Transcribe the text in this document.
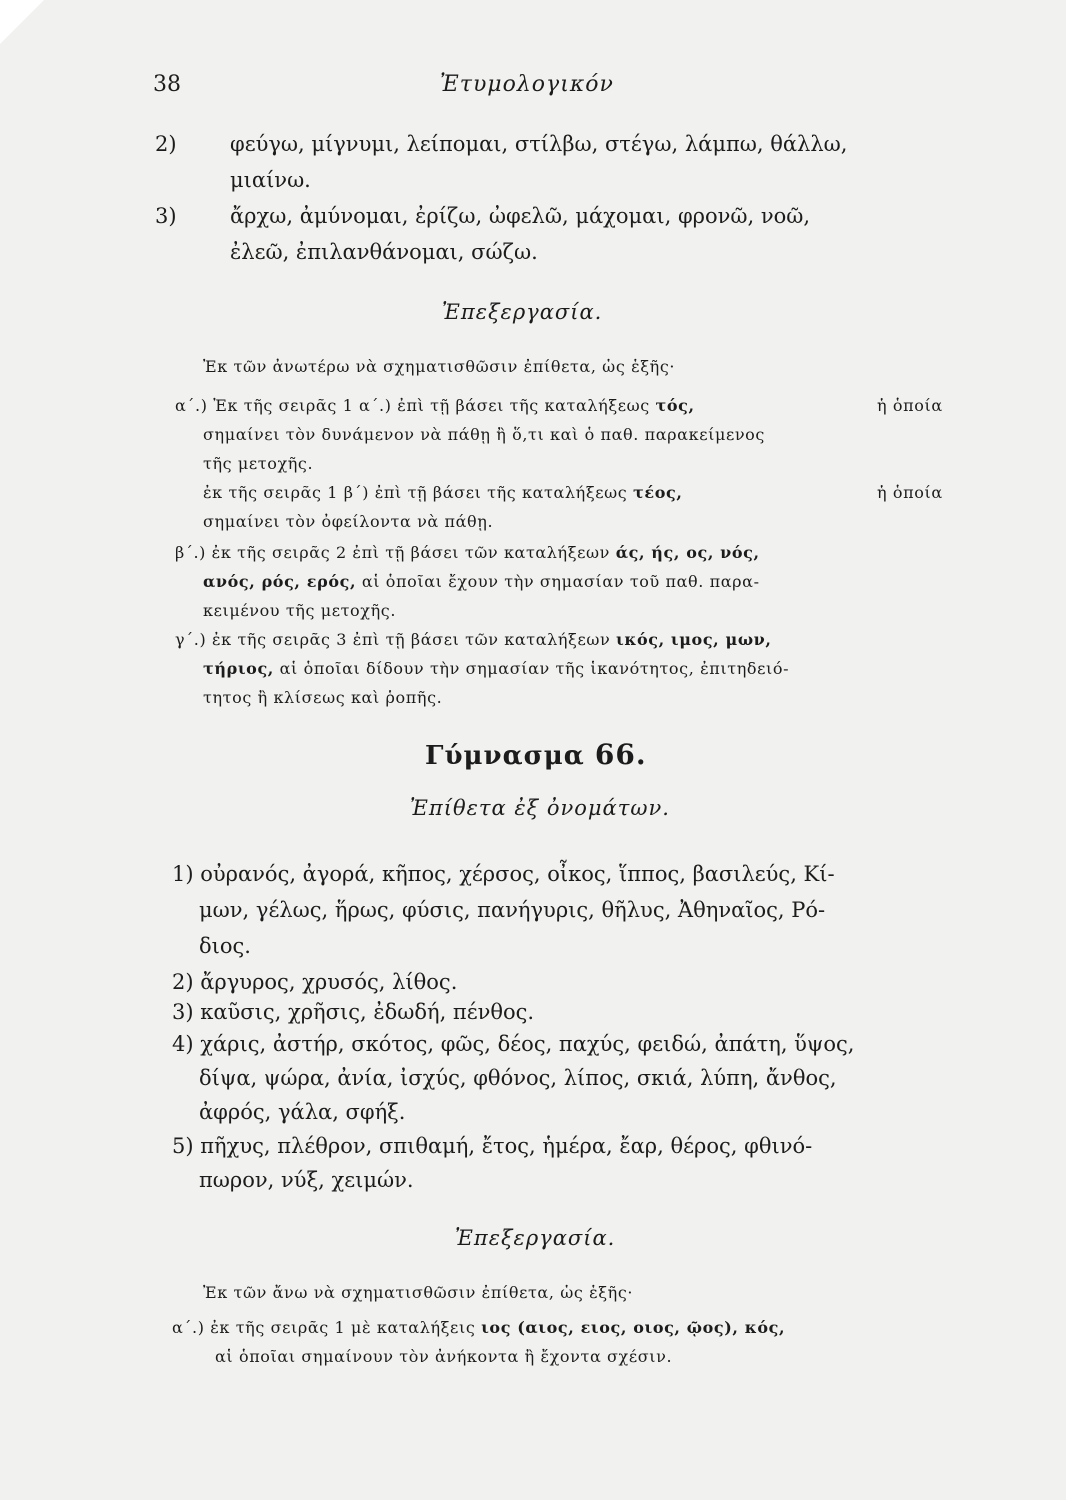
38	Ἐτυμολογικόν
2)	φεύγω, μίγνυμι, λείπομαι, στίλβω, στέγω, λάμπω, θάλλω,
μιαίνω.
3)	ἄρχω, ἀμύνομαι, ἐρίζω, ὠφελῶ, μάχομαι, φρονῶ, νοῶ,
ἐλεῶ, ἐπιλανθάνομαι, σώζω.
Ἐπεξεργασία.
Ἐκ τῶν ἀνωτέρω νὰ σχηματισθῶσιν ἐπίθετα, ὡς ἑξῆς·
α΄.) Ἐκ τῆς σειρᾶς 1 α΄.) ἐπὶ τῇ βάσει τῆς καταλήξεως τός,	ἡ ὁποία
σημαίνει τὸν δυνάμενον νὰ πάθῃ ἢ ὅ,τι καὶ ὁ παθ. παρακείμενος
τῆς μετοχῆς.
ἐκ τῆς σειρᾶς 1 β΄) ἐπὶ τῇ βάσει τῆς καταλήξεως τέος,	ἡ ὁποία
σημαίνει τὸν ὀφείλοντα νὰ πάθῃ.
β΄.) ἐκ τῆς σειρᾶς 2 ἐπὶ τῇ βάσει τῶν καταλήξεων άς, ής, ος, νός,
ανός, ρός, ερός, αἱ ὁποῖαι ἔχουν τὴν σημασίαν τοῦ παθ. παρα-
κειμένου τῆς μετοχῆς.
γ΄.) ἐκ τῆς σειρᾶς 3 ἐπὶ τῇ βάσει τῶν καταλήξεων ικός, ιμος, μων,
τήριος, αἱ ὁποῖαι δίδουν τὴν σημασίαν τῆς ἱκανότητος, ἐπιτηδειό-
τητος ἢ κλίσεως καὶ ῥοπῆς.
Γύμνασμα 66.
Ἐπίθετα ἐξ ὀνομάτων.
1) οὐρανός, ἀγορά, κῆπος, χέρσος, οἶκος, ἵππος, βασιλεύς, Κί-
μων, γέλως, ἥρως, φύσις, πανήγυρις, θῆλυς, Ἀθηναῖος, Ρό-
διος.
2) ἄργυρος, χρυσός, λίθος.
3) καῦσις, χρῆσις, ἐδωδή, πένθος.
4) χάρις, ἀστήρ, σκότος, φῶς, δέος, παχύς, φειδώ, ἀπάτη, ὕψος,
δίψα, ψώρα, ἀνία, ἰσχύς, φθόνος, λίπος, σκιά, λύπη, ἄνθος,
ἀφρός, γάλα, σφήξ.
5) πῆχυς, πλέθρον, σπιθαμή, ἔτος, ἡμέρα, ἔαρ, θέρος, φθινό-
πωρον, νύξ, χειμών.
Ἐπεξεργασία.
Ἐκ τῶν ἄνω νὰ σχηματισθῶσιν ἐπίθετα, ὡς ἑξῆς·
α΄.) ἐκ τῆς σειρᾶς 1 μὲ καταλήξεις ιος (αιος, ειος, οιος, ῷος), κός,
αἱ ὁποῖαι σημαίνουν τὸν ἀνήκοντα ἢ ἔχοντα σχέσιν.
